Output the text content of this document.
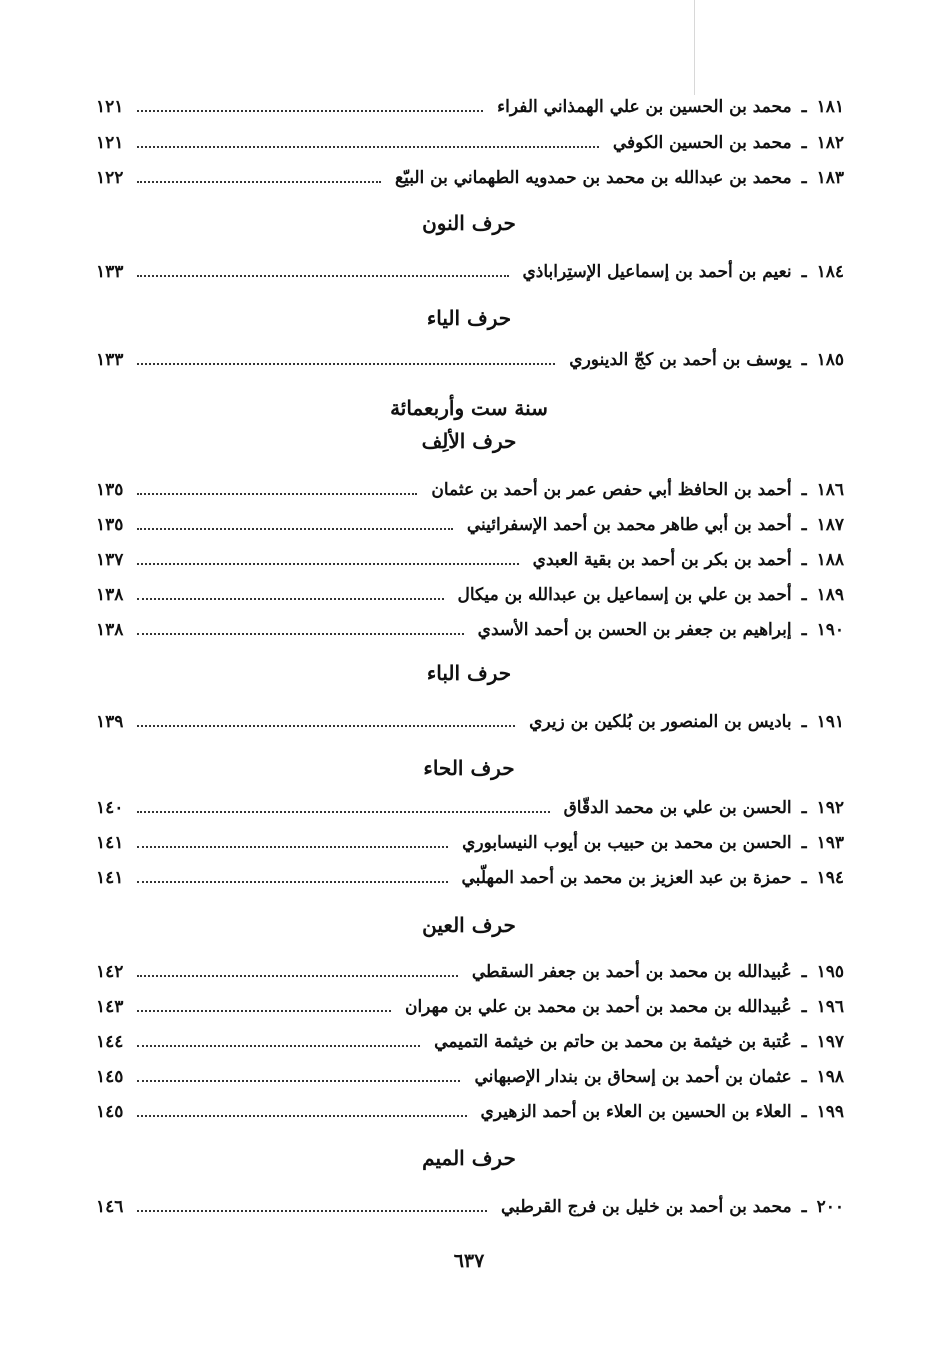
١٨١
ـ
محمد بن الحسين بن علي الهمذاني الفراء
١٢١
١٨٢
ـ
محمد بن الحسين الكوفي
١٢١
١٨٣
ـ
محمد بن عبدالله بن محمد بن حمدويه الطهماني بن البيّع
١٢٢
حرف النون
١٨٤
ـ
نعيم بن أحمد بن إسماعيل الإستِراباذي
١٣٣
حرف الياء
١٨٥
ـ
يوسف بن أحمد بن كجّ الدينوري
١٣٣
سنة ست وأربعمائة
حرف الألِف
١٨٦
ـ
أحمد بن الحافظ أبي حفص عمر بن أحمد بن عثمان
١٣٥
١٨٧
ـ
أحمد بن أبي طاهر محمد بن أحمد الإسفرائيني
١٣٥
١٨٨
ـ
أحمد بن بكر بن أحمد بن بقية العبدي
١٣٧
١٨٩
ـ
أحمد بن علي بن إسماعيل بن عبدالله بن ميكال
١٣٨
١٩٠
ـ
إبراهيم بن جعفر بن الحسن بن أحمد الأسدي
١٣٨
حرف الباء
١٩١
ـ
باديس بن المنصور بن بُلكين بن زيري
١٣٩
حرف الحاء
١٩٢
ـ
الحسن بن علي بن محمد الدقّاق
١٤٠
١٩٣
ـ
الحسن بن محمد بن حبيب بن أيوب النيسابوري
١٤١
١٩٤
ـ
حمزة بن عبد العزيز بن محمد بن أحمد المهلّبي
١٤١
حرف العين
١٩٥
ـ
عُبيدالله بن محمد بن أحمد بن جعفر السقطي
١٤٢
١٩٦
ـ
عُبيدالله بن محمد بن أحمد بن محمد بن علي بن مهران
١٤٣
١٩٧
ـ
عُتبة بن خيثمة بن محمد بن حاتم بن خيثمة التميمي
١٤٤
١٩٨
ـ
عثمان بن أحمد بن إسحاق بن بندار الإصبهاني
١٤٥
١٩٩
ـ
العلاء بن الحسين بن العلاء بن أحمد الزهيري
١٤٥
حرف الميم
٢٠٠
ـ
محمد بن أحمد بن خليل بن فرج القرطبي
١٤٦
٦٣٧
